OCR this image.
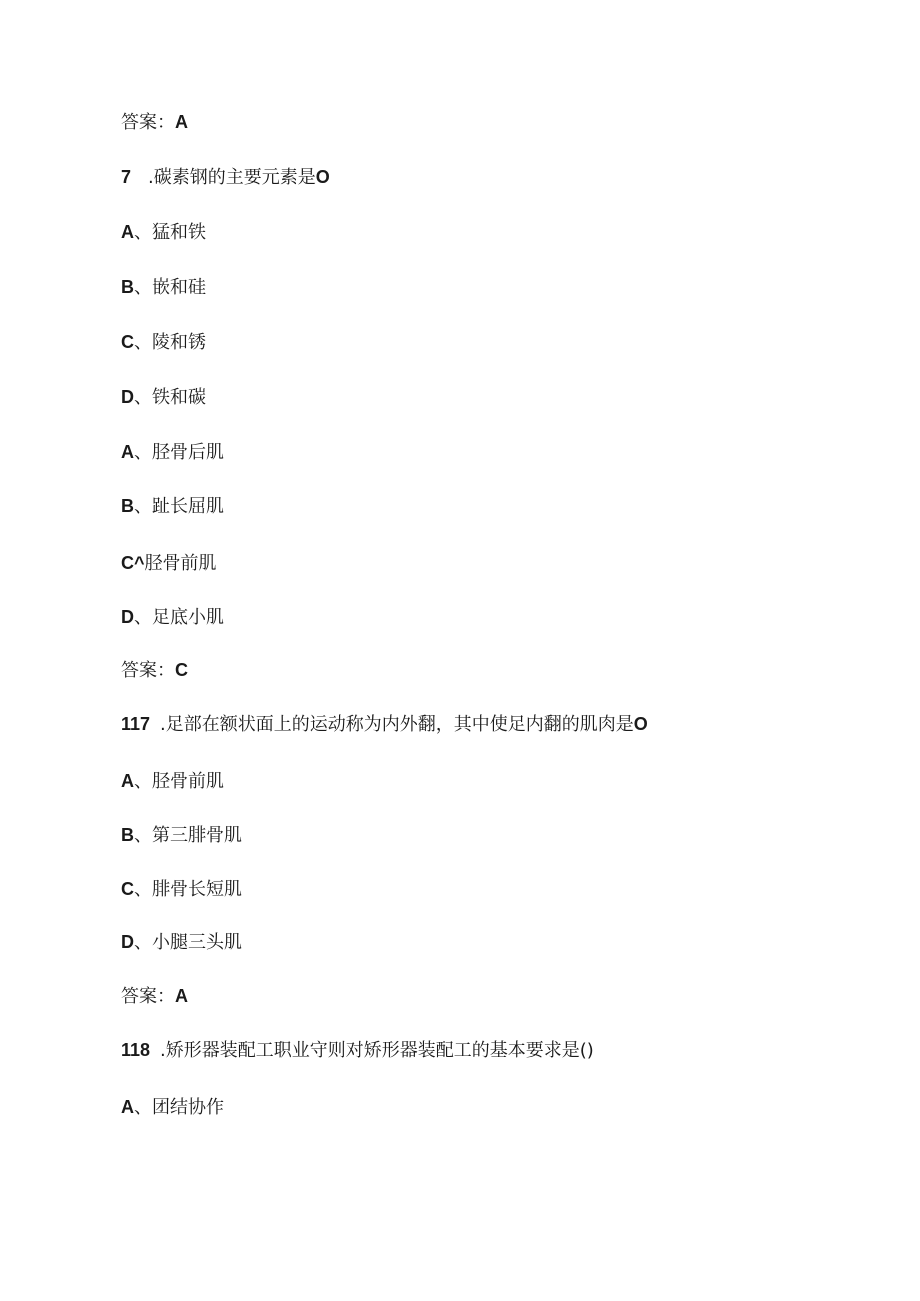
答案：A
7 .碳素钢的主要元素是O
A、猛和铁
B、嵌和硅
C、陵和锈
D、铁和碳
A、胫骨后肌
B、趾长屈肌
C^胫骨前肌
D、足底小肌
答案：C
117 .足部在额状面上的运动称为内外翻，其中使足内翻的肌肉是O
A、胫骨前肌
B、第三腓骨肌
C、腓骨长短肌
D、小腿三头肌
答案：A
118 .矫形器装配工职业守则对矫形器装配工的基本要求是()
A、团结协作
